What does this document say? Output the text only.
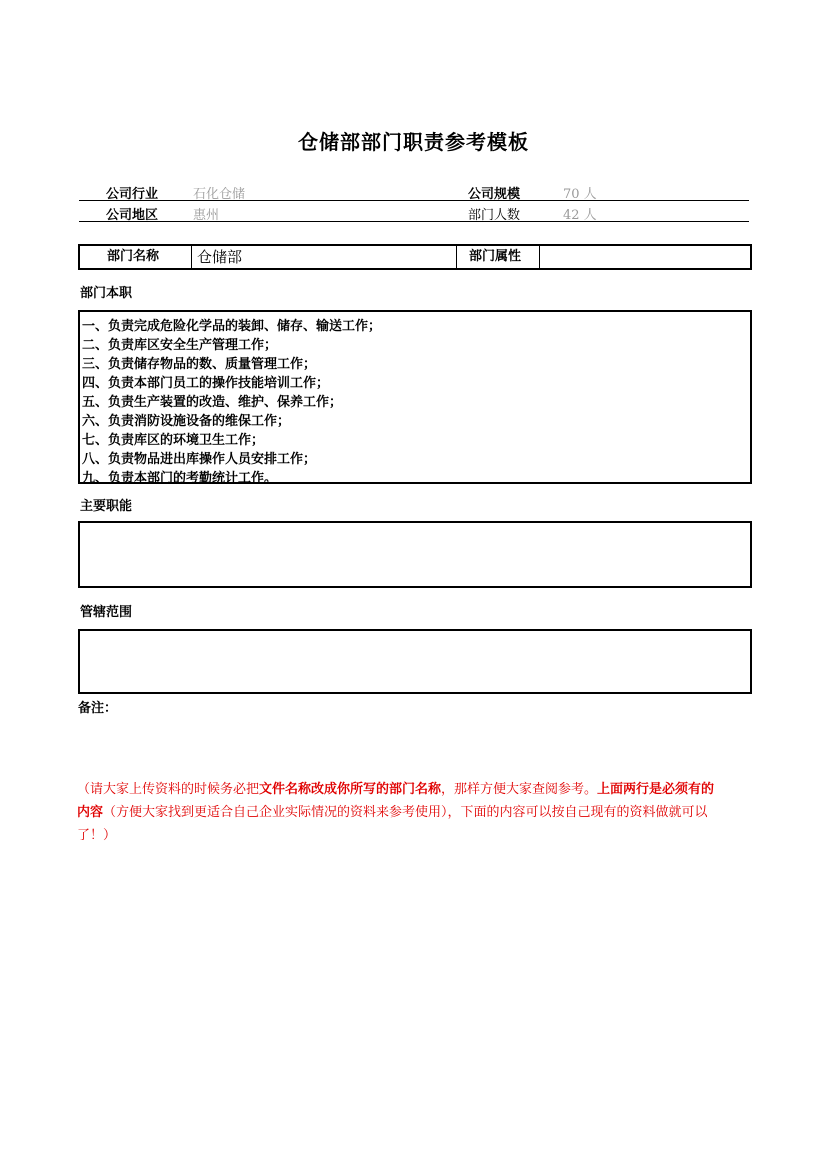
仓储部部门职责参考模板
公司行业	石化仓储	公司规模	70 人
公司地区	惠州	部门人数	42 人
部门名称	仓储部	部门属性
部门本职
一、负责完成危险化学品的装卸、储存、输送工作；
二、负责库区安全生产管理工作；
三、负责储存物品的数、质量管理工作；
四、负责本部门员工的操作技能培训工作；
五、负责生产装置的改造、维护、保养工作；
六、负责消防设施设备的维保工作；
七、负责库区的环境卫生工作；
八、负责物品进出库操作人员安排工作；
九、负责本部门的考勤统计工作。
主要职能
管辖范围
备注：
（请大家上传资料的时候务必把文件名称改成你所写的部门名称，那样方便大家查阅参考。上面两行是必须有的内容（方便大家找到更适合自己企业实际情况的资料来参考使用），下面的内容可以按自己现有的资料做就可以了！）
